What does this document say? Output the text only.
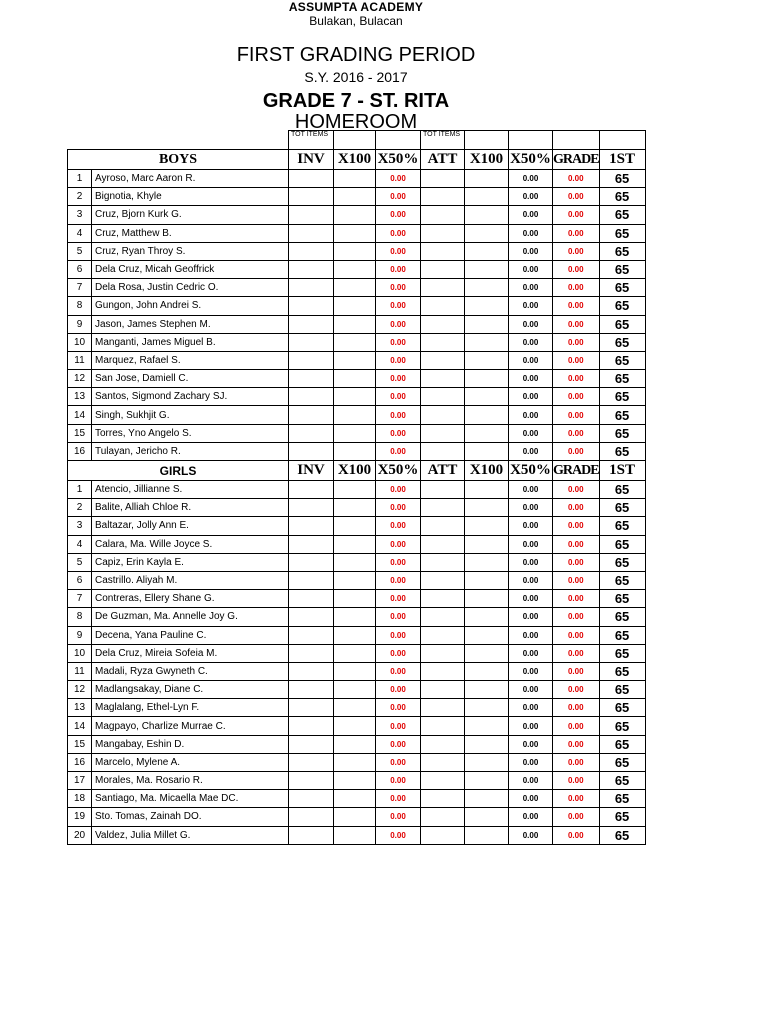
ASSUMPTA ACADEMY
Bulakan, Bulacan
FIRST GRADING PERIOD
S.Y. 2016 - 2017
GRADE 7 - ST. RITA
HOMEROOM
		TOT ITEMS			TOT ITEMS				
BOYS		INV	X100	X50%	ATT	X100	X50%	GRADE	1ST
1	Ayroso, Marc Aaron R.			0.00			0.00	0.00	65
2	Bignotia, Khyle			0.00			0.00	0.00	65
3	Cruz, Bjorn Kurk G.			0.00			0.00	0.00	65
4	Cruz, Matthew B.			0.00			0.00	0.00	65
5	Cruz, Ryan Throy S.			0.00			0.00	0.00	65
6	Dela Cruz, Micah Geoffrick			0.00			0.00	0.00	65
7	Dela Rosa, Justin Cedric O.			0.00			0.00	0.00	65
8	Gungon, John Andrei S.			0.00			0.00	0.00	65
9	Jason, James Stephen M.			0.00			0.00	0.00	65
10	Manganti, James Miguel B.			0.00			0.00	0.00	65
11	Marquez, Rafael S.			0.00			0.00	0.00	65
12	San Jose, Damiell C.			0.00			0.00	0.00	65
13	Santos, Sigmond Zachary SJ.			0.00			0.00	0.00	65
14	Singh, Sukhjit G.			0.00			0.00	0.00	65
15	Torres, Yno Angelo S.			0.00			0.00	0.00	65
16	Tulayan, Jericho R.			0.00			0.00	0.00	65
GIRLS		INV	X100	X50%	ATT	X100	X50%	GRADE	1ST
1	Atencio, Jillianne S.			0.00			0.00	0.00	65
2	Balite, Alliah Chloe R.			0.00			0.00	0.00	65
3	Baltazar, Jolly Ann E.			0.00			0.00	0.00	65
4	Calara, Ma. Wille Joyce S.			0.00			0.00	0.00	65
5	Capiz, Erin Kayla E.			0.00			0.00	0.00	65
6	Castrillo. Aliyah M.			0.00			0.00	0.00	65
7	Contreras, Ellery Shane G.			0.00			0.00	0.00	65
8	De Guzman, Ma. Annelle Joy G.			0.00			0.00	0.00	65
9	Decena, Yana Pauline C.			0.00			0.00	0.00	65
10	Dela Cruz, Mireia Sofeia M.			0.00			0.00	0.00	65
11	Madali, Ryza Gwyneth C.			0.00			0.00	0.00	65
12	Madlangsakay, Diane C.			0.00			0.00	0.00	65
13	Maglalang, Ethel-Lyn F.			0.00			0.00	0.00	65
14	Magpayo, Charlize Murrae C.			0.00			0.00	0.00	65
15	Mangabay, Eshin D.			0.00			0.00	0.00	65
16	Marcelo, Mylene A.			0.00			0.00	0.00	65
17	Morales, Ma. Rosario R.			0.00			0.00	0.00	65
18	Santiago, Ma. Micaella Mae DC.			0.00			0.00	0.00	65
19	Sto. Tomas, Zainah DO.			0.00			0.00	0.00	65
20	Valdez, Julia Millet G.			0.00			0.00	0.00	65
